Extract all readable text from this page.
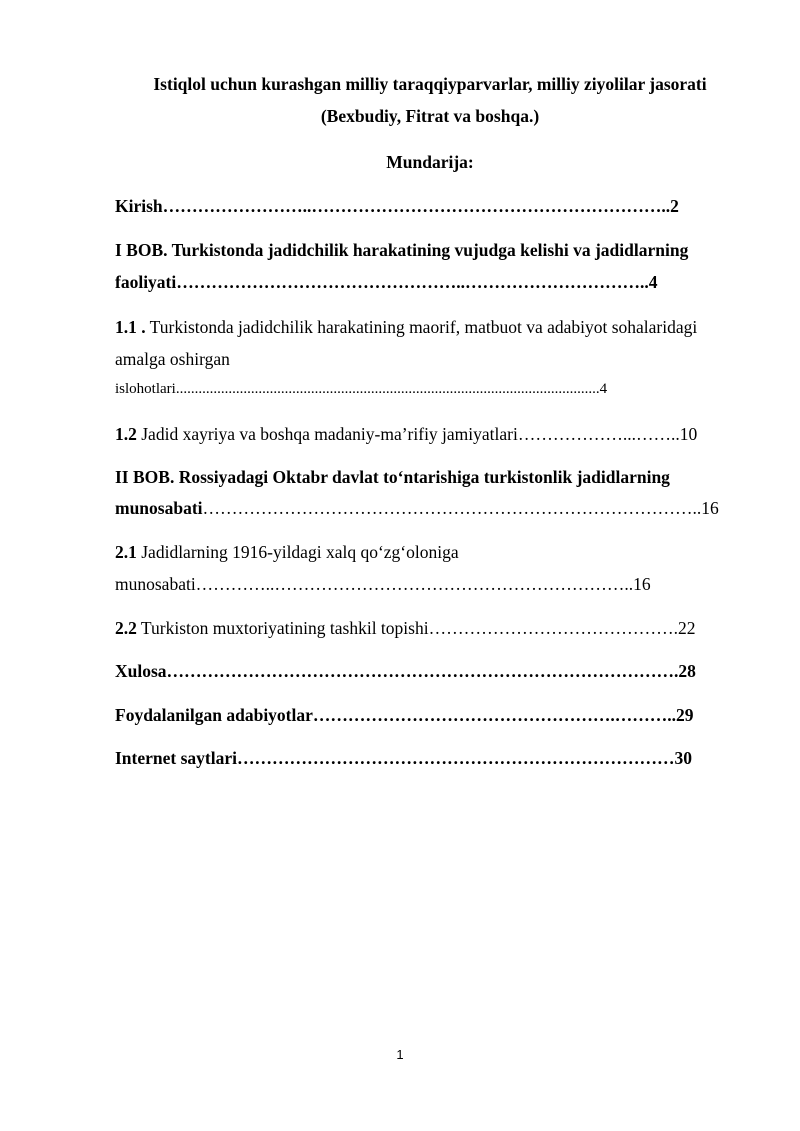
Istiqlol uchun kurashgan milliy taraqqiyparvarlar, milliy ziyolilar jasorati
(Bexbudiy, Fitrat va boshqa.)
Mundarija:
Kirish……………………..……………………………………………………..2
I BOB. Turkistonda jadidchilik harakatining vujudga kelishi va jadidlarning
faoliyati…………………………………………..…………………………..4
1.1 . Turkistonda jadidchilik harakatining maorif, matbuot va adabiyot sohalaridagi
amalga oshirgan
islohotlari.................................................................................................................4
1.2 Jadid xayriya va boshqa madaniy-ma’rifiy jamiyatlari………………...……..10
II BOB. Rossiyadagi Oktabr davlat to‘ntarishiga turkistonlik jadidlarning
munosabati…………………………………………………………………………..16
2.1 Jadidlarning 1916-yildagi xalq qo‘zg‘oloniga
munosabati…………..……………………………………………………..16
2.2 Turkiston muxtoriyatining tashkil topishi…………………………………….22
Xulosa…………………………………………………………………………….28
Foydalanilgan adabiyotlar…………………………………………….………..29
Internet saytlari…………………………………………………………………30
1
